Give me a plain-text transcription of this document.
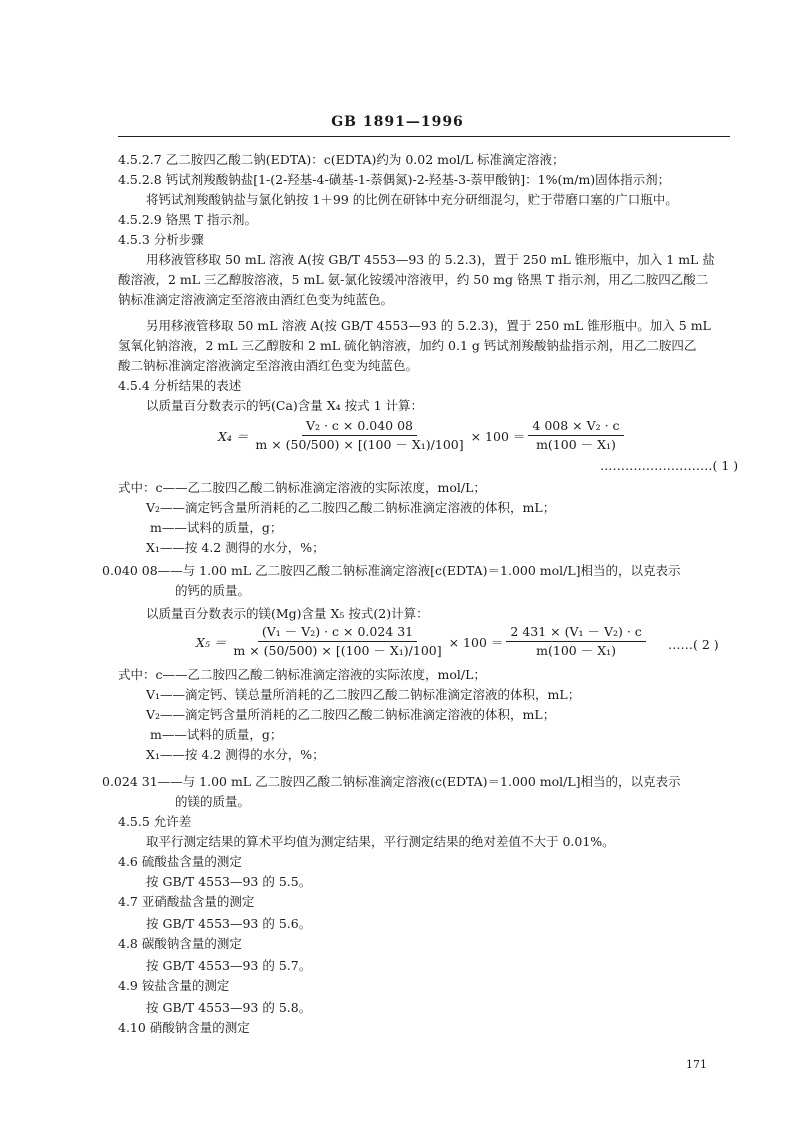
GB 1891—1996
4.5.2.7 乙二胺四乙酸二钠(EDTA)：c(EDTA)约为 0.02 mol/L 标准滴定溶液；
4.5.2.8 钙试剂羧酸钠盐[1-(2-羟基-4-磺基-1-萘偶氮)-2-羟基-3-萘甲酸钠]：1%(m/m)固体指示剂；
将钙试剂羧酸钠盐与氯化钠按 1＋99 的比例在研钵中充分研细混匀，贮于带磨口塞的广口瓶中。
4.5.2.9 铬黑 T 指示剂。
4.5.3 分析步骤
用移液管移取 50 mL 溶液 A(按 GB/T 4553—93 的 5.2.3)，置于 250 mL 锥形瓶中，加入 1 mL 盐
酸溶液，2 mL 三乙醇胺溶液，5 mL 氨-氯化铵缓冲溶液甲，约 50 mg 铬黑 T 指示剂，用乙二胺四乙酸二
钠标准滴定溶液滴定至溶液由酒红色变为纯蓝色。
另用移液管移取 50 mL 溶液 A(按 GB/T 4553—93 的 5.2.3)，置于 250 mL 锥形瓶中。加入 5 mL
氢氧化钠溶液，2 mL 三乙醇胺和 2 mL 硫化钠溶液，加约 0.1 g 钙试剂羧酸钠盐指示剂，用乙二胺四乙
酸二钠标准滴定溶液滴定至溶液由酒红色变为纯蓝色。
4.5.4 分析结果的表述
以质量百分数表示的钙(Ca)含量 X₄ 按式 1 计算：
$X_4 = \frac{\text{V₂ · c × 0.040 08}}{\text{m × (50/500) × [(100 － X₁)/100]}} \times 100 = \frac{\text{4 008 × V₂ · c}}{\text{m(100 － X₁)}}$
………………………( 1 )
式中：c——乙二胺四乙酸二钠标准滴定溶液的实际浓度，mol/L；
V₂——滴定钙含量所消耗的乙二胺四乙酸二钠标准滴定溶液的体积，mL；
m——试料的质量，g；
X₁——按 4.2 测得的水分，%；
0.040 08——与 1.00 mL 乙二胺四乙酸二钠标准滴定溶液[c(EDTA)＝1.000 mol/L]相当的，以克表示
的钙的质量。
以质量百分数表示的镁(Mg)含量 X₅ 按式(2)计算：
$X_5 = \frac{\text{(V₁ － V₂) · c × 0.024 31}}{\text{m × (50/500) × [(100 － X₁)/100]}} \times 100 = \frac{\text{2 431 × (V₁ － V₂) · c}}{\text{m(100 － X₁)}}$ ……( 2 )
式中：c——乙二胺四乙酸二钠标准滴定溶液的实际浓度，mol/L；
V₁——滴定钙、镁总量所消耗的乙二胺四乙酸二钠标准滴定溶液的体积，mL；
V₂——滴定钙含量所消耗的乙二胺四乙酸二钠标准滴定溶液的体积，mL；
m——试料的质量，g；
X₁——按 4.2 测得的水分，%；
0.024 31——与 1.00 mL 乙二胺四乙酸二钠标准滴定溶液(c(EDTA)＝1.000 mol/L]相当的，以克表示
的镁的质量。
4.5.5 允许差
取平行测定结果的算术平均值为测定结果，平行测定结果的绝对差值不大于 0.01%。
4.6 硫酸盐含量的测定
按 GB/T 4553—93 的 5.5。
4.7 亚硝酸盐含量的测定
按 GB/T 4553—93 的 5.6。
4.8 碳酸钠含量的测定
按 GB/T 4553—93 的 5.7。
4.9 铵盐含量的测定
按 GB/T 4553—93 的 5.8。
4.10 硝酸钠含量的测定
171
